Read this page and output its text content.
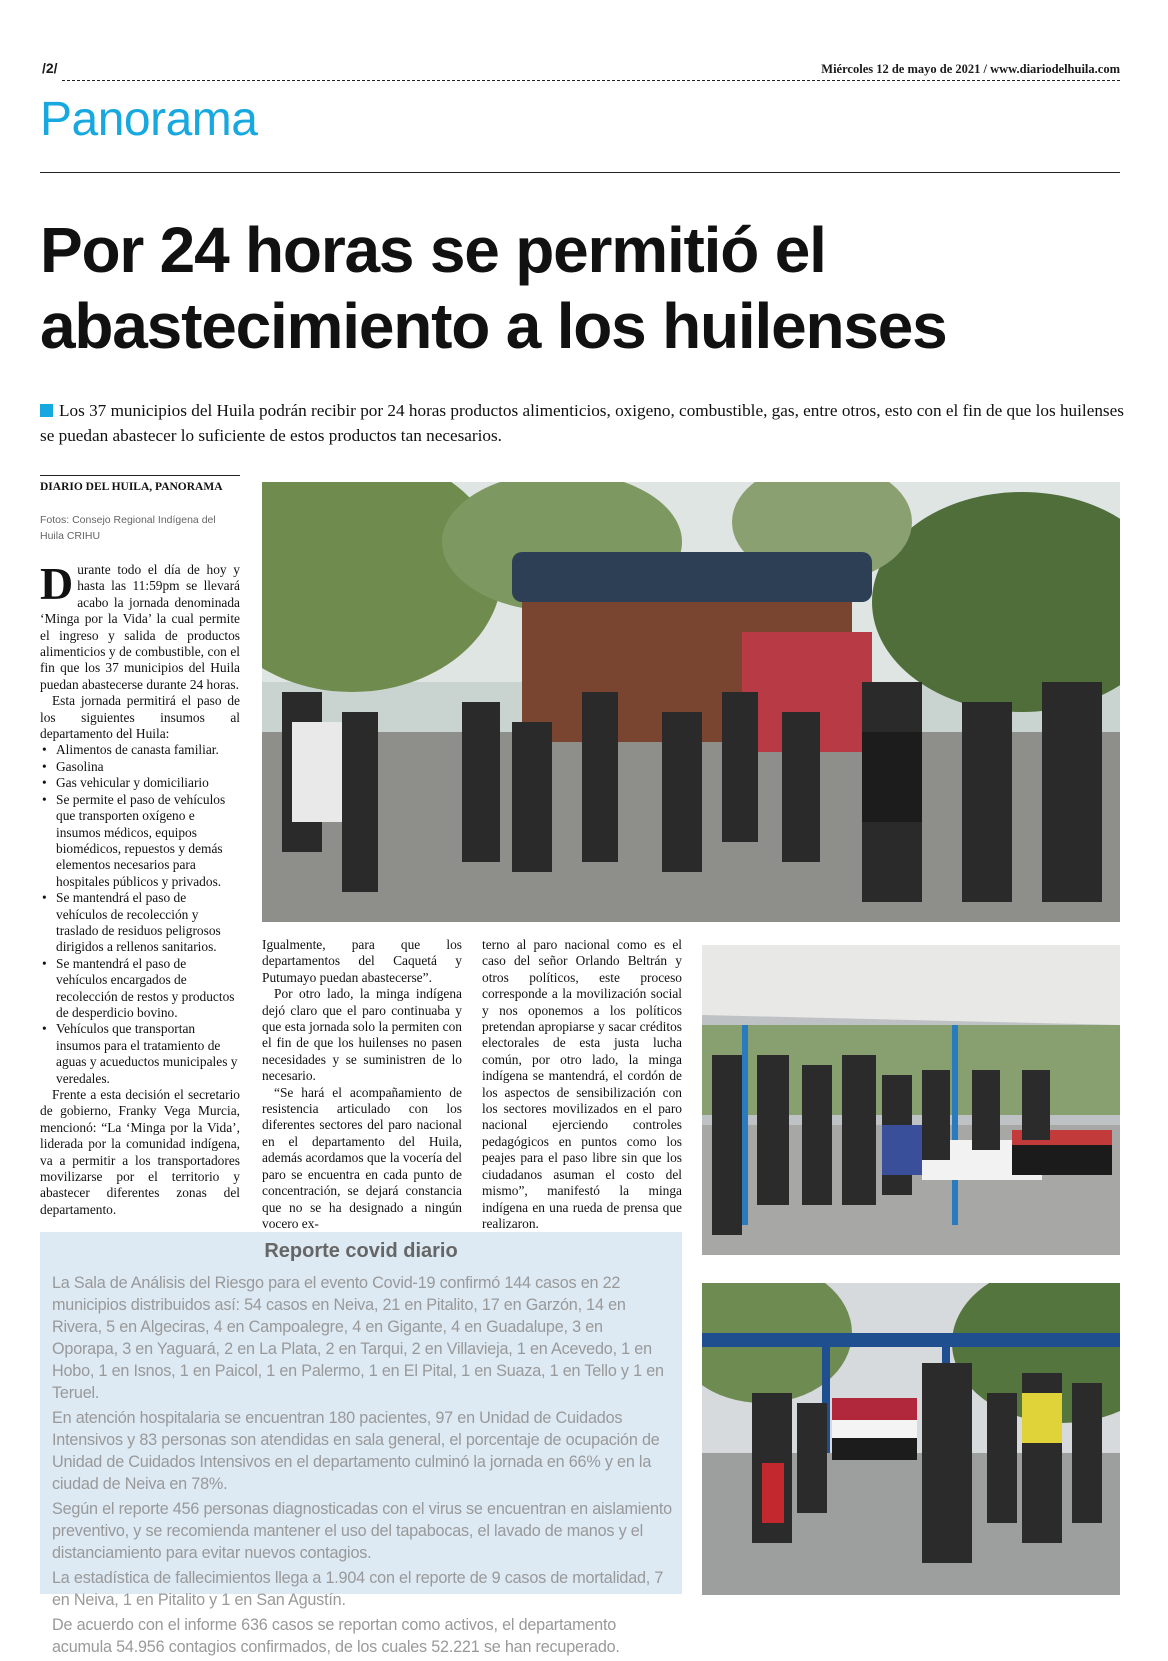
/2/	Miércoles 12 de mayo de 2021 / www.diariodelhuila.com
Panorama
Por 24 horas se permitió el abastecimiento a los huilenses
Los 37 municipios del Huila podrán recibir por 24 horas productos alimenticios, oxigeno, combustible, gas, entre otros, esto con el fin de que los huilenses se puedan abastecer lo suficiente de estos productos tan necesarios.
DIARIO DEL HUILA, PANORAMA
Fotos: Consejo Regional Indígena del Huila CRIHU

Durante todo el día de hoy y hasta las 11:59pm se llevará acabo la jornada denominada ‘Minga por la Vida’ la cual permite el ingreso y salida de productos alimenticios y de combustible, con el fin que los 37 municipios del Huila puedan abastecerse durante 24 horas.

Esta jornada permitirá el paso de los siguientes insumos al departamento del Huila:

• Alimentos de canasta familiar.
• Gasolina
• Gas vehicular y domiciliario
• Se permite el paso de vehículos que transporten oxígeno e insumos médicos, equipos biomédicos, repuestos y demás elementos necesarios para hospitales públicos y privados.
• Se mantendrá el paso de vehículos de recolección y traslado de residuos peligrosos dirigidos a rellenos sanitarios.
• Se mantendrá el paso de vehículos encargados de recolección de restos y productos de desperdicio bovino.
• Vehículos que transportan insumos para el tratamiento de aguas y acueductos municipales y veredales.

Frente a esta decisión el secretario de gobierno, Franky Vega Murcia, mencionó: “La ‘Minga por la Vida’, liderada por la comunidad indígena, va a permitir a los transportadores movilizarse por el territorio y abastecer diferentes zonas del departamento.

Igualmente, para que los departamentos del Caquetá y Putumayo puedan abastecerse”.

Por otro lado, la minga indígena dejó claro que el paro continuaba y que esta jornada solo la permiten con el fin de que los huilenses no pasen necesidades y se suministren de lo necesario.

“Se hará el acompañamiento de resistencia articulado con los diferentes sectores del paro nacional en el departamento del Huila, además acordamos que la vocería del paro se encuentra en cada punto de concentración, se dejará constancia que no se ha designado a ningún vocero ex-

terno al paro nacional como es el caso del señor Orlando Beltrán y otros políticos, este proceso corresponde a la movilización social y nos oponemos a los políticos pretendan apropiarse y sacar créditos electorales de esta justa lucha común, por otro lado, la minga indígena se mantendrá, el cordón de los aspectos de sensibilización con los sectores movilizados en el paro nacional ejerciendo controles pedagógicos en puntos como los peajes para el paso libre sin que los ciudadanos asuman el costo del mismo”, manifestó la minga indígena en una rueda de prensa que realizaron.

Reporte covid diario

La Sala de Análisis del Riesgo para el evento Covid-19 confirmó 144 casos en 22 municipios distribuidos así: 54 casos en Neiva, 21 en Pitalito, 17 en Garzón, 14 en Rivera, 5 en Algeciras, 4 en Campoalegre, 4 en Gigante, 4 en Guadalupe, 3 en Oporapa, 3 en Yaguará, 2 en La Plata, 2 en Tarqui, 2 en Villavieja, 1 en Acevedo, 1 en Hobo, 1 en Isnos, 1 en Paicol, 1 en Palermo, 1 en El Pital, 1 en Suaza, 1 en Tello y 1 en Teruel.

En atención hospitalaria se encuentran 180 pacientes, 97 en Unidad de Cuidados Intensivos y 83 personas son atendidas en sala general, el porcentaje de ocupación de Unidad de Cuidados Intensivos en el departamento culminó la jornada en 66% y en la ciudad de Neiva en 78%.

Según el reporte 456 personas diagnosticadas con el virus se encuentran en aislamiento preventivo, y se recomienda mantener el uso del tapabocas, el lavado de manos y el distanciamiento para evitar nuevos contagios.

La estadística de fallecimientos llega a 1.904 con el reporte de 9 casos de mortalidad, 7 en Neiva, 1 en Pitalito y 1 en San Agustín.

De acuerdo con el informe 636 casos se reportan como activos, el departamento acumula 54.956 contagios confirmados, de los cuales 52.221 se han recuperado.
